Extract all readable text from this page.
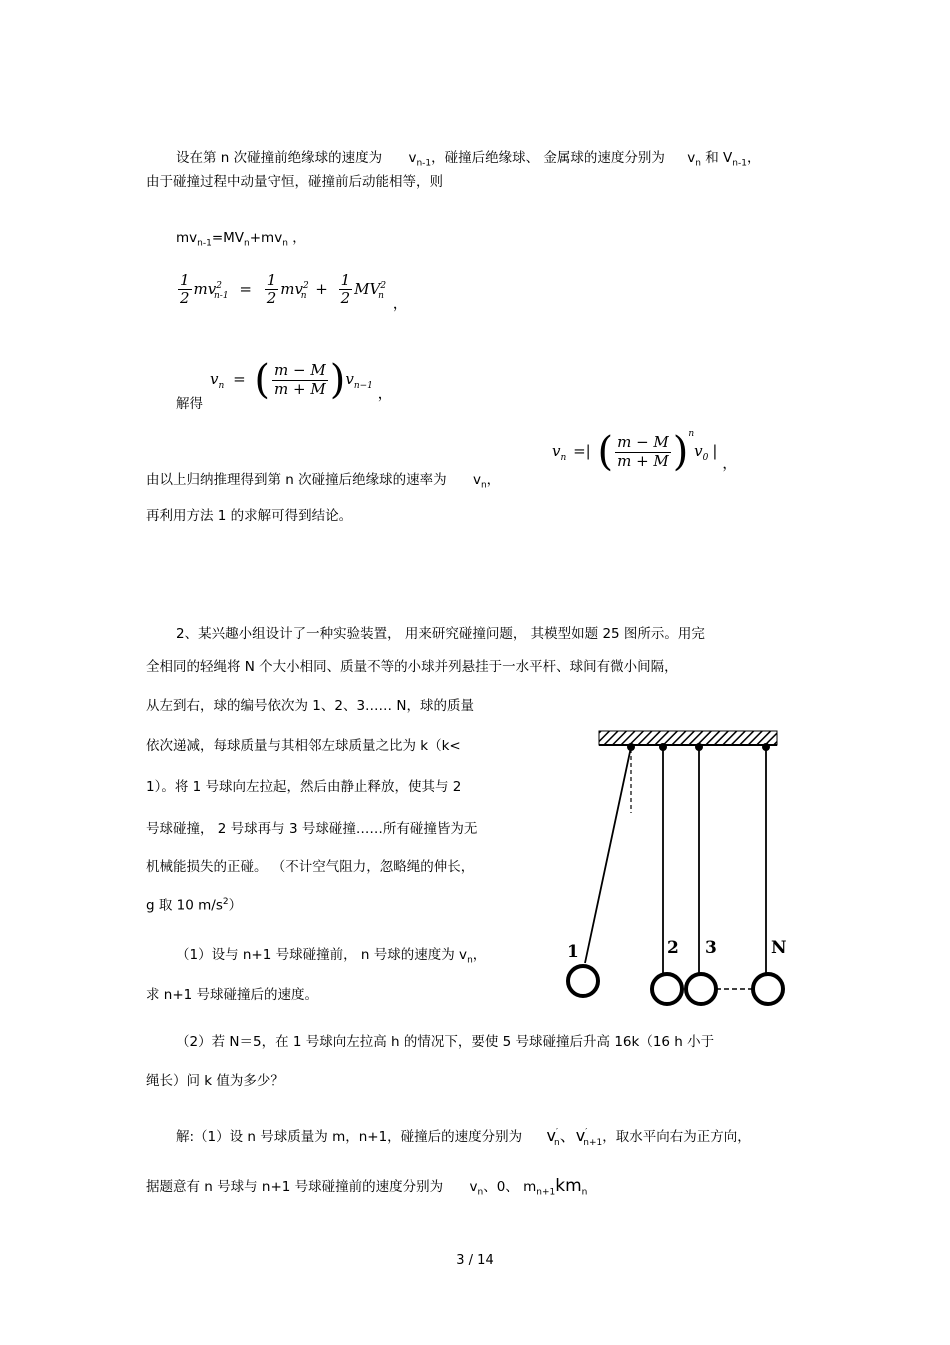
设在第 n 次碰撞前绝缘球的速度为 $v_{n-1}$，碰撞后绝缘球、 金属球的速度分别为 $v_n$ 和 $V_{n-1}$，
由于碰撞过程中动量守恒，碰撞前后动能相等，则
$mv_{n-1}=MV_n+mv_n$ ，
$\frac{1}{2} mv^2_{n-1} = \frac{1}{2} mv^2_n + \frac{1}{2} MV^2_n$ ，
解得
$v_n$ = ( $\frac{m - M}{m + M} )v_{n-1}$ ，
由以上归纳推理得到第 n 次碰撞后绝缘球的速率为 $v_n$，
$v_n$ =| ( $\frac{m - M}{m + M} )^nv_0$ | ，
再利用方法 1 的求解可得到结论。
2、某兴趣小组设计了一种实验装置， 用来研究碰撞问题， 其模型如题 25 图所示。用完
全相同的轻绳将 N 个大小相同、质量不等的小球并列悬挂于一水平杆、球间有微小间隔，
从左到右，球的编号依次为 1、2、3…… N，球的质量
依次递减，每球质量与其相邻左球质量之比为 k（k<
1）。将 1 号球向左拉起，然后由静止释放，使其与 2
号球碰撞， 2 号球再与 3 号球碰撞……所有碰撞皆为无
机械能损失的正碰。 （不计空气阻力，忽略绳的伸长，
g 取 10 $m/s^2$）
（1）设与 n+1 号球碰撞前， n 号球的速度为 $v_n$，
求 n+1 号球碰撞后的速度。
（2）若 N＝5，在 1 号球向左拉高 h 的情况下，要使 5 号球碰撞后升高 16k（16 h 小于
绳长）问 k 值为多少？
解:（1）设 n 号球质量为 m，n+1，碰撞后的速度分别为 $v'_n$、$v'_{n+1}$，取水平向右为正方向，
据题意有 n 号球与 n+1 号球碰撞前的速度分别为 $v_n$、0、 $m_{n+1}km_n$
1	2 3	N
3 / 14
